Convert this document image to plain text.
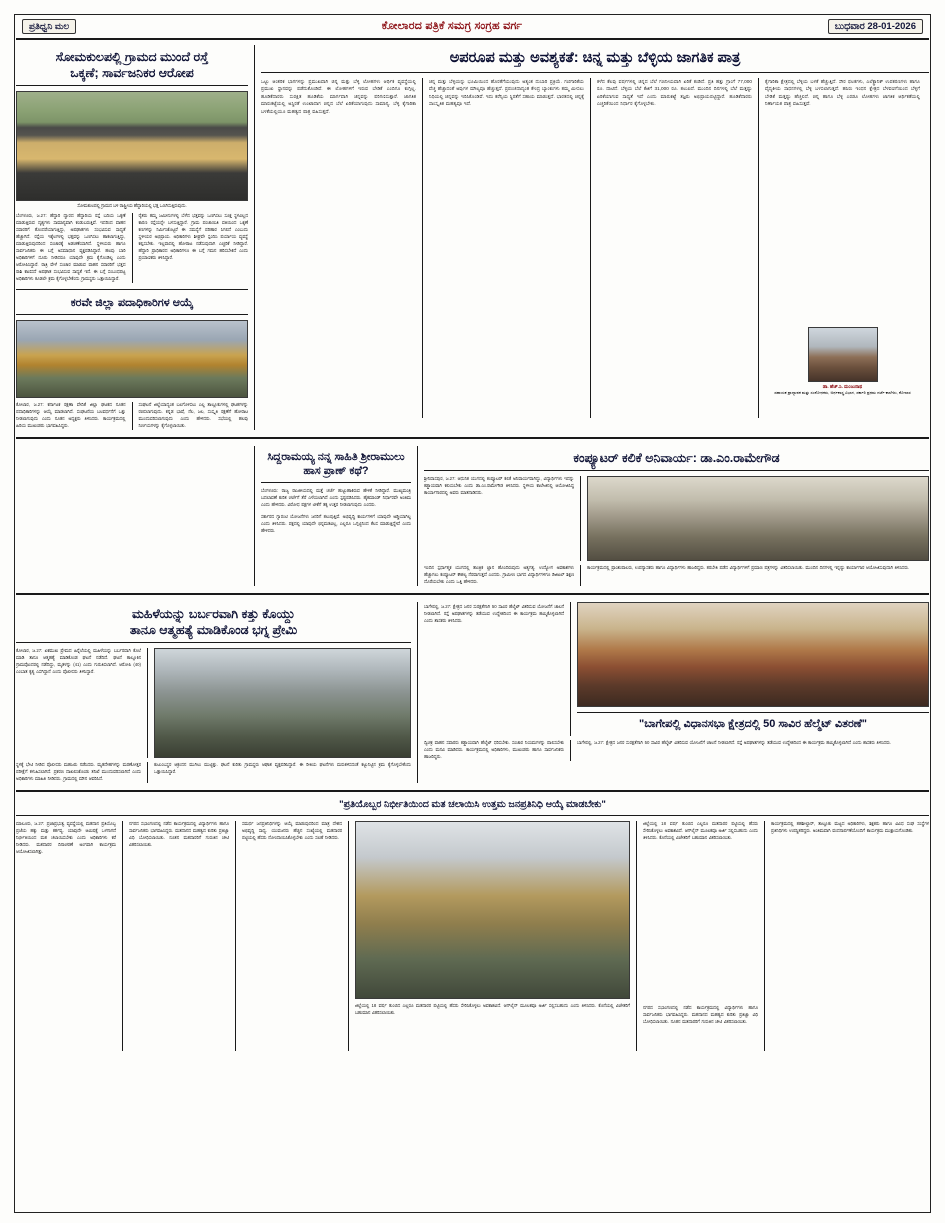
ಪ್ರತಿಧ್ವನಿ ಮಲ	ಕೋಲಾರದ ಪತ್ರಿಕೆ ಸಮಗ್ರ ಸಂಗ್ರಹ ವರ್ಗ	ಬುಧವಾರ 28-01-2026
ಸೋಮಕುಲಪಲ್ಲಿ ಗ್ರಾಮದ ಮುಂದೆ ರಸ್ತೆ
ಒಕ್ಕಣೆ; ಸಾರ್ವಜನಿಕರ ಆರೋಪ
ಸೋಮಕುಲಪಲ್ಲಿ ಗ್ರಾಮದ ಬಳಿ ರಾಷ್ಟ್ರೀಯ ಹೆದ್ದಾರಿಯಲ್ಲಿ ಭತ್ತ ಒಣಗಿಸುತ್ತಿರುವುದು.
ಬೆಂಗಳೂರು, ಜ.27: ಹೆದ್ದಾರಿ ದ್ವಾರದ ಹೆದ್ದಾರಿಯ ರಸ್ತೆ ಬದಿಯ ಒಕ್ಕಣೆ ಮಾಡುತ್ತಿರುವ ದೃಶ್ಯಗಳು ಸಾಮಾನ್ಯವಾಗಿ ಕಂಡುಬರುತ್ತಿವೆ. ಇದರಿಂದ ವಾಹನ ಸವಾರರಿಗೆ ತೊಂದರೆಯಾಗುತ್ತಿದ್ದು, ಅಪಘಾತಗಳು ಸಂಭವಿಸುವ ಸಾಧ್ಯತೆ ಹೆಚ್ಚಾಗಿದೆ. ರಸ್ತೆಯ ಇಕ್ಕೆಲಗಳಲ್ಲಿ ಭತ್ತವನ್ನು ಒಣಗಿಸಲು ಹಾಕಲಾಗುತ್ತಿದ್ದು, ಮಾಡುತ್ತಿರುವುದರಿಂದ ಸಂಚಾರಕ್ಕೆ ಅಡಚಣೆಯಾಗಿದೆ. ಸ್ಥಳೀಯರು ಹಾಗೂ ಸಾರ್ವಜನಿಕರು ಈ ಬಗ್ಗೆ ಅಸಮಾಧಾನ ವ್ಯಕ್ತಪಡಿಸಿದ್ದಾರೆ. ಹಲವು ಬಾರಿ ಅಧಿಕಾರಿಗಳಿಗೆ ದೂರು ನೀಡಿದರೂ ಯಾವುದೇ ಕ್ರಮ ಕೈಗೊಂಡಿಲ್ಲ ಎಂದು ಆರೋಪಿಸಿದ್ದಾರೆ. ರಾತ್ರಿ ವೇಳೆ ಸಂಚಾರ ಮಾಡುವ ವಾಹನ ಸವಾರರಿಗೆ ಭತ್ತದ ರಾಶಿ ಕಾಣಿಸದೆ ಅಪಘಾತ ಸಂಭವಿಸುವ ಸಾಧ್ಯತೆ ಇದೆ. ಈ ಬಗ್ಗೆ ಸಂಬಂಧಪಟ್ಟ ಅಧಿಕಾರಿಗಳು ಕೂಡಲೇ ಕ್ರಮ ಕೈಗೊಳ್ಳಬೇಕೆಂದು ಗ್ರಾಮಸ್ಥರು ಒತ್ತಾಯಿಸಿದ್ದಾರೆ.
ರೈತರು ತಮ್ಮ ಜಮೀನುಗಳಲ್ಲಿ ಬೆಳೆದ ಭತ್ತವನ್ನು ಒಣಗಿಸಲು ಸೂಕ್ತ ಸ್ಥಳವಿಲ್ಲದ ಕಾರಣ ರಸ್ತೆಯನ್ನೇ ಬಳಸುತ್ತಿದ್ದಾರೆ. ಗ್ರಾಮ ಪಂಚಾಯಿತಿ ವತಿಯಿಂದ ಒಕ್ಕಣೆ ಕಣಗಳನ್ನು ನಿರ್ಮಿಸಿಕೊಟ್ಟರೆ ಈ ಸಮಸ್ಯೆಗೆ ಪರಿಹಾರ ಸಿಗಲಿದೆ ಎಂಬುದು ಸ್ಥಳೀಯರ ಅಭಿಪ್ರಾಯ. ಅಧಿಕಾರಿಗಳು ಶೀಘ್ರವೇ ಸ್ಪಂದಿಸಿ ಪರ್ಯಾಯ ವ್ಯವಸ್ಥೆ ಕಲ್ಪಿಸಬೇಕು. ಇಲ್ಲವಾದಲ್ಲಿ ಹೋರಾಟ ನಡೆಸುವುದಾಗಿ ಎಚ್ಚರಿಕೆ ನೀಡಿದ್ದಾರೆ. ಹೆದ್ದಾರಿ ಪ್ರಾಧಿಕಾರದ ಅಧಿಕಾರಿಗಳೂ ಈ ಬಗ್ಗೆ ಗಮನ ಹರಿಸಬೇಕಿದೆ ಎಂದು ಪ್ರಯಾಣಿಕರು ತಿಳಿಸಿದ್ದಾರೆ.
ಕರವೇ ಜಿಲ್ಲಾ ಪದಾಧಿಕಾರಿಗಳ ಆಯ್ಕೆ
ಕೋಲಾರ, ಜ.27: ಕರ್ನಾಟಕ ರಕ್ಷಣಾ ವೇದಿಕೆ ಜಿಲ್ಲಾ ಘಟಕದ ನೂತನ ಪದಾಧಿಕಾರಿಗಳನ್ನು ಆಯ್ಕೆ ಮಾಡಲಾಗಿದೆ. ಸಂಘಟನೆಯ ಬಲವರ್ಧನೆಗೆ ಒತ್ತು ನೀಡಲಾಗುವುದು ಎಂದು ನೂತನ ಅಧ್ಯಕ್ಷರು ತಿಳಿಸಿದರು. ಕಾರ್ಯಕ್ರಮದಲ್ಲಿ ಹಿರಿಯ ಮುಖಂಡರು ಭಾಗವಹಿಸಿದ್ದರು.
ಸಂಘಟನೆ ಜಿಲ್ಲೆಯಾದ್ಯಂತ ಬಲಗೊಳಿಸಲು ಎಲ್ಲ ತಾಲ್ಲೂಕುಗಳಲ್ಲಿ ಘಟಕಗಳನ್ನು ರಚಿಸಲಾಗುವುದು. ಕನ್ನಡ ಭಾಷೆ, ನೆಲ, ಜಲ, ಸಂಸ್ಕೃತಿ ರಕ್ಷಣೆಗೆ ಹೋರಾಟ ಮುಂದುವರಿಸಲಾಗುವುದು ಎಂದು ಹೇಳಿದರು. ಸಭೆಯಲ್ಲಿ ಹಲವು ನಿರ್ಣಯಗಳನ್ನು ಕೈಗೊಳ್ಳಲಾಯಿತು.
ಅಪರೂಪ ಮತ್ತು ಅವಶ್ಯಕತೆ: ಚಿನ್ನ ಮತ್ತು ಬೆಳ್ಳಿಯ ಜಾಗತಿಕ ಪಾತ್ರ
ಒಟ್ಟು ಆಂತರಿಕ ಭಾಗಗಳನ್ನು ಪ್ರಮುಖವಾಗಿ ಚಿನ್ನ ಮತ್ತು ಬೆಳ್ಳಿ ಲೋಹಗಳು ಆರ್ಥಿಕ ವ್ಯವಸ್ಥೆಯಲ್ಲಿ ಪ್ರಮುಖ ಸ್ಥಾನವನ್ನು ಪಡೆದುಕೊಂಡಿವೆ. ಈ ಲೋಹಗಳಿಗೆ ಇರುವ ಬೇಡಿಕೆ ಎಂದಿಗೂ ಕುಗ್ಗಿಲ್ಲ. ಹೂಡಿಕೆದಾರರು ಸುರಕ್ಷಿತ ಹೂಡಿಕೆಯ ಮಾರ್ಗವಾಗಿ ಚಿನ್ನವನ್ನು ಪರಿಗಣಿಸುತ್ತಾರೆ. ಜಾಗತಿಕ ಮಾರುಕಟ್ಟೆಯಲ್ಲಿ ಅಸ್ಥಿರತೆ ಉಂಟಾದಾಗ ಚಿನ್ನದ ಬೆಲೆ ಏರಿಕೆಯಾಗುವುದು ಸಾಮಾನ್ಯ. ಬೆಳ್ಳಿ ಕೈಗಾರಿಕಾ ಬಳಕೆಯಲ್ಲಿಯೂ ಮಹತ್ವದ ಪಾತ್ರ ವಹಿಸುತ್ತದೆ.
ಚಿನ್ನ ಮತ್ತು ಬೆಳ್ಳಿಯನ್ನು ಭೂಮಿಯಿಂದ ಹೊರತೆಗೆಯುವುದು ಅತ್ಯಂತ ದುಬಾರಿ ಪ್ರಕ್ರಿಯೆ. ಗಣಿಗಾರಿಕೆಯ ವೆಚ್ಚ ಹೆಚ್ಚಾದಂತೆ ಅವುಗಳ ಮೌಲ್ಯವೂ ಹೆಚ್ಚುತ್ತದೆ. ಪ್ರಪಂಚದಾದ್ಯಂತ ಕೇಂದ್ರ ಬ್ಯಾಂಕುಗಳು ತಮ್ಮ ಮೀಸಲು ನಿಧಿಯಲ್ಲಿ ಚಿನ್ನವನ್ನು ಇರಿಸಿಕೊಂಡಿವೆ. ಇದು ಕರೆನ್ಸಿಯ ಸ್ಥಿರತೆಗೆ ಸಹಾಯ ಮಾಡುತ್ತದೆ. ಭಾರತದಲ್ಲಿ ಚಿನ್ನಕ್ಕೆ ಸಾಂಸ್ಕೃತಿಕ ಮಹತ್ವವೂ ಇದೆ.
ಕಳೆದ ಕೆಲವು ವರ್ಷಗಳಲ್ಲಿ ಚಿನ್ನದ ಬೆಲೆ ಗಣನೀಯವಾಗಿ ಏರಿಕೆ ಕಂಡಿದೆ. ಪ್ರತಿ ಹತ್ತು ಗ್ರಾಂಗೆ 77,000 ರೂ. ದಾಟಿದೆ. ಬೆಳ್ಳಿಯ ಬೆಲೆ ಕೆಜಿಗೆ 31,000 ರೂ. ತಲುಪಿದೆ. ಮುಂದಿನ ದಿನಗಳಲ್ಲಿ ಬೆಲೆ ಮತ್ತಷ್ಟು ಏರಿಕೆಯಾಗುವ ಸಾಧ್ಯತೆ ಇದೆ ಎಂದು ಮಾರುಕಟ್ಟೆ ತಜ್ಞರು ಅಭಿಪ್ರಾಯಪಟ್ಟಿದ್ದಾರೆ. ಹೂಡಿಕೆದಾರರು ಎಚ್ಚರಿಕೆಯಿಂದ ನಿರ್ಧಾರ ಕೈಗೊಳ್ಳಬೇಕು.
ಕೈಗಾರಿಕಾ ಕ್ಷೇತ್ರದಲ್ಲಿ ಬೆಳ್ಳಿಯ ಬಳಕೆ ಹೆಚ್ಚುತ್ತಿದೆ. ಸೌರ ಫಲಕಗಳು, ಎಲೆಕ್ಟ್ರಾನಿಕ್ ಉಪಕರಣಗಳು ಹಾಗೂ ವೈದ್ಯಕೀಯ ಸಾಧನಗಳಲ್ಲಿ ಬೆಳ್ಳಿ ಬಳಸಲಾಗುತ್ತದೆ. ಹಸಿರು ಇಂಧನ ಕ್ಷೇತ್ರದ ಬೆಳವಣಿಗೆಯಿಂದ ಬೆಳ್ಳಿಗೆ ಬೇಡಿಕೆ ಮತ್ತಷ್ಟು ಹೆಚ್ಚಲಿದೆ. ಚಿನ್ನ ಹಾಗೂ ಬೆಳ್ಳಿ ಎರಡೂ ಲೋಹಗಳು ಜಾಗತಿಕ ಆರ್ಥಿಕತೆಯಲ್ಲಿ ನಿರ್ಣಾಯಕ ಪಾತ್ರ ವಹಿಸುತ್ತವೆ.
ಡಾ. ಹೆಚ್.ಸಿ. ಮಂಜುನಾಥ
ಸಹಾಯಕ ಪ್ರಾಧ್ಯಾಪಕ ಮತ್ತು ಸಂಶೋಧಕರು, ಅರ್ಥಶಾಸ್ತ್ರ ವಿಭಾಗ, ಸರ್ಕಾರಿ ಪ್ರಥಮ ದರ್ಜೆ ಕಾಲೇಜು, ಕೋಲಾರ
ಸಿದ್ದರಾಮಯ್ಯ ನನ್ನ ಸಾಹಿತಿ ಶ್ರೀರಾಮುಲು ಹಾಸ ಪ್ರಾಣ್ ಕಥೆ?
ಬೆಂಗಳೂರು: ರಾಜ್ಯ ರಾಜಕೀಯದಲ್ಲಿ ಮತ್ತೆ ಚರ್ಚೆ ಹುಟ್ಟುಹಾಕಿರುವ ಹೇಳಿಕೆ ನೀಡಿದ್ದಾರೆ. ಮುಖ್ಯಮಂತ್ರಿ ಬದಲಾವಣೆ ಕುರಿತ ಚರ್ಚೆಗೆ ತೆರೆ ಎಳೆಯಲಾಗಿದೆ ಎಂದು ಸ್ಪಷ್ಟಪಡಿಸಿದರು. ಹೈಕಮಾಂಡ್ ನಿರ್ಧಾರವೇ ಅಂತಿಮ ಎಂದು ಹೇಳಿದರು. ವಿರೋಧ ಪಕ್ಷಗಳ ಟೀಕೆಗೆ ತಕ್ಕ ಉತ್ತರ ನೀಡಲಾಗುವುದು ಎಂದರು.
ಸರ್ಕಾರದ ಗ್ಯಾರಂಟಿ ಯೋಜನೆಗಳು ಜನರಿಗೆ ತಲುಪುತ್ತಿವೆ. ಅಭಿವೃದ್ಧಿ ಕಾರ್ಯಗಳಿಗೆ ಯಾವುದೇ ಅಡ್ಡಿಯಾಗಿಲ್ಲ ಎಂದು ತಿಳಿಸಿದರು. ಪಕ್ಷದಲ್ಲಿ ಯಾವುದೇ ಭಿನ್ನಮತವಿಲ್ಲ, ಎಲ್ಲರೂ ಒಗ್ಗಟ್ಟಿನಿಂದ ಕೆಲಸ ಮಾಡುತ್ತಿದ್ದೇವೆ ಎಂದು ಹೇಳಿದರು.
ಕಂಪ್ಯೂಟರ್ ಕಲಿಕೆ ಅನಿವಾರ್ಯ: ಡಾ.ಎಂ.ರಾಮೇಗೌಡ
ಶ್ರೀನಿವಾಸಪುರ, ಜ.27: ಆಧುನಿಕ ಯುಗದಲ್ಲಿ ಕಂಪ್ಯೂಟರ್ ಕಲಿಕೆ ಅನಿವಾರ್ಯವಾಗಿದ್ದು, ವಿದ್ಯಾರ್ಥಿಗಳು ಇದನ್ನು ಕಡ್ಡಾಯವಾಗಿ ಕಲಿಯಬೇಕು ಎಂದು ಡಾ.ಎಂ.ರಾಮೇಗೌಡ ತಿಳಿಸಿದರು. ಸ್ಥಳೀಯ ಕಾಲೇಜಿನಲ್ಲಿ ಆಯೋಜಿಸಿದ್ದ ಕಾರ್ಯಾಗಾರದಲ್ಲಿ ಅವರು ಮಾತನಾಡಿದರು.
ಇಂದಿನ ಸ್ಪರ್ಧಾತ್ಮಕ ಯುಗದಲ್ಲಿ ತಾಂತ್ರಿಕ ಜ್ಞಾನ ಹೊಂದಿರುವುದು ಅತ್ಯಗತ್ಯ. ಉದ್ಯೋಗ ಅವಕಾಶಗಳು ಹೆಚ್ಚಾಗಲು ಕಂಪ್ಯೂಟರ್ ಕೌಶಲ್ಯ ನೆರವಾಗುತ್ತದೆ ಎಂದರು. ಗ್ರಾಮೀಣ ಭಾಗದ ವಿದ್ಯಾರ್ಥಿಗಳಿಗೂ ಡಿಜಿಟಲ್ ಶಿಕ್ಷಣ ದೊರೆಯಬೇಕು ಎಂದು ಒತ್ತಿ ಹೇಳಿದರು.
ಕಾರ್ಯಕ್ರಮದಲ್ಲಿ ಪ್ರಾಂಶುಪಾಲರು, ಉಪನ್ಯಾಸಕರು ಹಾಗೂ ವಿದ್ಯಾರ್ಥಿಗಳು ಹಾಜರಿದ್ದರು. ತರಬೇತಿ ಪಡೆದ ವಿದ್ಯಾರ್ಥಿಗಳಿಗೆ ಪ್ರಮಾಣ ಪತ್ರಗಳನ್ನು ವಿತರಿಸಲಾಯಿತು. ಮುಂದಿನ ದಿನಗಳಲ್ಲಿ ಇನ್ನಷ್ಟು ಕಾರ್ಯಾಗಾರ ಆಯೋಜಿಸುವುದಾಗಿ ತಿಳಿಸಿದರು.
ಮಹಿಳೆಯನ್ನು ಬರ್ಬರವಾಗಿ ಕತ್ತು ಕೊಯ್ದು
ತಾನೂ ಆತ್ಮಹತ್ಯೆ ಮಾಡಿಕೊಂಡ ಭಗ್ನ ಪ್ರೇಮಿ
ಕೋಲಾರ, ಜ.27: ಏಕಮುಖ ಪ್ರೇಮದ ಹಿನ್ನೆಲೆಯಲ್ಲಿ ಮಹಿಳೆಯನ್ನು ಬರ್ಬರವಾಗಿ ಕೊಲೆ ಮಾಡಿ ತಾನೂ ಆತ್ಮಹತ್ಯೆ ಮಾಡಿಕೊಂಡ ಘಟನೆ ನಡೆದಿದೆ. ಘಟನೆ ತಾಲ್ಲೂಕಿನ ಗ್ರಾಮವೊಂದರಲ್ಲಿ ನಡೆದಿದ್ದು, ಮೃತಳನ್ನು (41) ಎಂದು ಗುರುತಿಸಲಾಗಿದೆ. ಆರೋಪಿ (40) ಎಂಬಾತ ಕೃತ್ಯ ಎಸಗಿದ್ದಾನೆ ಎಂದು ಪೊಲೀಸರು ತಿಳಿಸಿದ್ದಾರೆ.
ಸ್ಥಳಕ್ಕೆ ಭೇಟಿ ನೀಡಿದ ಪೊಲೀಸರು ಮಹಜರು ನಡೆಸಿದರು. ಮೃತದೇಹಗಳನ್ನು ಮರಣೋತ್ತರ ಪರೀಕ್ಷೆಗೆ ಕಳುಹಿಸಲಾಗಿದೆ. ಪ್ರಕರಣ ದಾಖಲಿಸಿಕೊಂಡು ತನಿಖೆ ಮುಂದುವರಿಸಲಾಗಿದೆ ಎಂದು ಅಧಿಕಾರಿಗಳು ಮಾಹಿತಿ ನೀಡಿದರು. ಗ್ರಾಮದಲ್ಲಿ ಮೌನ ಆವರಿಸಿದೆ.
ಕುಟುಂಬಸ್ಥರ ಆಕ್ರಂದನ ಮುಗಿಲು ಮುಟ್ಟಿತ್ತು. ಘಟನೆ ಕುರಿತು ಗ್ರಾಮಸ್ಥರು ಆಘಾತ ವ್ಯಕ್ತಪಡಿಸಿದ್ದಾರೆ. ಈ ರೀತಿಯ ಘಟನೆಗಳು ಮರುಕಳಿಸದಂತೆ ಕಟ್ಟುನಿಟ್ಟಿನ ಕ್ರಮ ಕೈಗೊಳ್ಳಬೇಕೆಂದು ಒತ್ತಾಯಿಸಿದ್ದಾರೆ.
ಬಾಗೇಪಲ್ಲಿ, ಜ.27: ಕ್ಷೇತ್ರದ ಜನರ ಸುರಕ್ಷತೆಗಾಗಿ 50 ಸಾವಿರ ಹೆಲ್ಮೆಟ್ ವಿತರಿಸುವ ಯೋಜನೆಗೆ ಚಾಲನೆ ನೀಡಲಾಗಿದೆ. ರಸ್ತೆ ಅಪಘಾತಗಳನ್ನು ತಡೆಯುವ ಉದ್ದೇಶದಿಂದ ಈ ಕಾರ್ಯಕ್ರಮ ಹಮ್ಮಿಕೊಳ್ಳಲಾಗಿದೆ ಎಂದು ಶಾಸಕರು ತಿಳಿಸಿದರು.
"ಬಾಗೇಪಲ್ಲಿ ವಿಧಾನಸಭಾ ಕ್ಷೇತ್ರದಲ್ಲಿ 50 ಸಾವಿರ ಹೆಲ್ಮೆಟ್ ವಿತರಣೆ"
ದ್ವಿಚಕ್ರ ವಾಹನ ಸವಾರರು ಕಡ್ಡಾಯವಾಗಿ ಹೆಲ್ಮೆಟ್ ಧರಿಸಬೇಕು. ಸಂಚಾರ ನಿಯಮಗಳನ್ನು ಪಾಲಿಸಬೇಕು ಎಂದು ಮನವಿ ಮಾಡಿದರು. ಕಾರ್ಯಕ್ರಮದಲ್ಲಿ ಅಧಿಕಾರಿಗಳು, ಮುಖಂಡರು ಹಾಗೂ ಸಾರ್ವಜನಿಕರು ಹಾಜರಿದ್ದರು.
ಬಾಗೇಪಲ್ಲಿ, ಜ.27: ಕ್ಷೇತ್ರದ ಜನರ ಸುರಕ್ಷತೆಗಾಗಿ 50 ಸಾವಿರ ಹೆಲ್ಮೆಟ್ ವಿತರಿಸುವ ಯೋಜನೆಗೆ ಚಾಲನೆ ನೀಡಲಾಗಿದೆ. ರಸ್ತೆ ಅಪಘಾತಗಳನ್ನು ತಡೆಯುವ ಉದ್ದೇಶದಿಂದ ಈ ಕಾರ್ಯಕ್ರಮ ಹಮ್ಮಿಕೊಳ್ಳಲಾಗಿದೆ ಎಂದು ಶಾಸಕರು ತಿಳಿಸಿದರು.
"ಪ್ರತಿಯೊಬ್ಬರ ನಿರ್ಭೀತಿಯಿಂದ ಮತ ಚಲಾಯಿಸಿ ಉತ್ತಮ ಜನಪ್ರತಿನಿಧಿ ಆಯ್ಕೆ ಮಾಡಬೇಕು"
ಮಾಲೂರು, ಜ.27: ಪ್ರಜಾಪ್ರಭುತ್ವ ವ್ಯವಸ್ಥೆಯಲ್ಲಿ ಮತದಾನ ಪ್ರತಿಯೊಬ್ಬ ಪ್ರಜೆಯ ಹಕ್ಕು ಮತ್ತು ಕರ್ತವ್ಯ. ಯಾವುದೇ ಆಮಿಷಕ್ಕೆ ಒಳಗಾಗದೆ ನಿರ್ಭೀತಿಯಿಂದ ಮತ ಚಲಾಯಿಸಬೇಕು ಎಂದು ಅಧಿಕಾರಿಗಳು ಕರೆ ನೀಡಿದರು. ಮತದಾರರ ದಿನಾಚರಣೆ ಅಂಗವಾಗಿ ಕಾರ್ಯಕ್ರಮ ಆಯೋಜಿಸಲಾಗಿತ್ತು.
ನಗರದ ಸಭಾಂಗಣದಲ್ಲಿ ನಡೆದ ಕಾರ್ಯಕ್ರಮದಲ್ಲಿ ವಿದ್ಯಾರ್ಥಿಗಳು ಹಾಗೂ ಸಾರ್ವಜನಿಕರು ಭಾಗವಹಿಸಿದ್ದರು. ಮತದಾನದ ಮಹತ್ವದ ಕುರಿತು ಪ್ರತಿಜ್ಞಾ ವಿಧಿ ಬೋಧಿಸಲಾಯಿತು. ನೂತನ ಮತದಾರರಿಗೆ ಗುರುತಿನ ಚೀಟಿ ವಿತರಿಸಲಾಯಿತು.
ಸಮರ್ಥ ಜನಪ್ರತಿನಿಧಿಗಳನ್ನು ಆಯ್ಕೆ ಮಾಡುವುದರಿಂದ ಮಾತ್ರ ದೇಶದ ಅಭಿವೃದ್ಧಿ ಸಾಧ್ಯ. ಯುವಜನರು ಹೆಚ್ಚಿನ ಸಂಖ್ಯೆಯಲ್ಲಿ ಮತದಾರರ ಪಟ್ಟಿಯಲ್ಲಿ ಹೆಸರು ನೋಂದಾಯಿಸಿಕೊಳ್ಳಬೇಕು ಎಂದು ಸಲಹೆ ನೀಡಿದರು.
ಜಿಲ್ಲೆಯಲ್ಲಿ 18 ವರ್ಷ ತುಂಬಿದ ಎಲ್ಲರೂ ಮತದಾರರ ಪಟ್ಟಿಯಲ್ಲಿ ಹೆಸರು ಸೇರಿಸಿಕೊಳ್ಳಲು ಅವಕಾಶವಿದೆ. ಆನ್‌ಲೈನ್ ಮೂಲಕವೂ ಅರ್ಜಿ ಸಲ್ಲಿಸಬಹುದು ಎಂದು ತಿಳಿಸಿದರು. ಕೊನೆಯಲ್ಲಿ ವಿಜೇತರಿಗೆ ಬಹುಮಾನ ವಿತರಿಸಲಾಯಿತು.
ಜಿಲ್ಲೆಯಲ್ಲಿ 18 ವರ್ಷ ತುಂಬಿದ ಎಲ್ಲರೂ ಮತದಾರರ ಪಟ್ಟಿಯಲ್ಲಿ ಹೆಸರು ಸೇರಿಸಿಕೊಳ್ಳಲು ಅವಕಾಶವಿದೆ. ಆನ್‌ಲೈನ್ ಮೂಲಕವೂ ಅರ್ಜಿ ಸಲ್ಲಿಸಬಹುದು ಎಂದು ತಿಳಿಸಿದರು. ಕೊನೆಯಲ್ಲಿ ವಿಜೇತರಿಗೆ ಬಹುಮಾನ ವಿತರಿಸಲಾಯಿತು.
ನಗರದ ಸಭಾಂಗಣದಲ್ಲಿ ನಡೆದ ಕಾರ್ಯಕ್ರಮದಲ್ಲಿ ವಿದ್ಯಾರ್ಥಿಗಳು ಹಾಗೂ ಸಾರ್ವಜನಿಕರು ಭಾಗವಹಿಸಿದ್ದರು. ಮತದಾನದ ಮಹತ್ವದ ಕುರಿತು ಪ್ರತಿಜ್ಞಾ ವಿಧಿ ಬೋಧಿಸಲಾಯಿತು. ನೂತನ ಮತದಾರರಿಗೆ ಗುರುತಿನ ಚೀಟಿ ವಿತರಿಸಲಾಯಿತು.
ಕಾರ್ಯಕ್ರಮದಲ್ಲಿ ತಹಶೀಲ್ದಾರ್, ತಾಲ್ಲೂಕು ಮಟ್ಟದ ಅಧಿಕಾರಿಗಳು, ಶಿಕ್ಷಕರು ಹಾಗೂ ವಿವಿಧ ಸಂಘ ಸಂಸ್ಥೆಗಳ ಪ್ರತಿನಿಧಿಗಳು ಉಪಸ್ಥಿತರಿದ್ದರು. ಅಂತಿಮವಾಗಿ ವಂದನಾರ್ಪಣೆಯೊಂದಿಗೆ ಕಾರ್ಯಕ್ರಮ ಮುಕ್ತಾಯಗೊಂಡಿತು.
